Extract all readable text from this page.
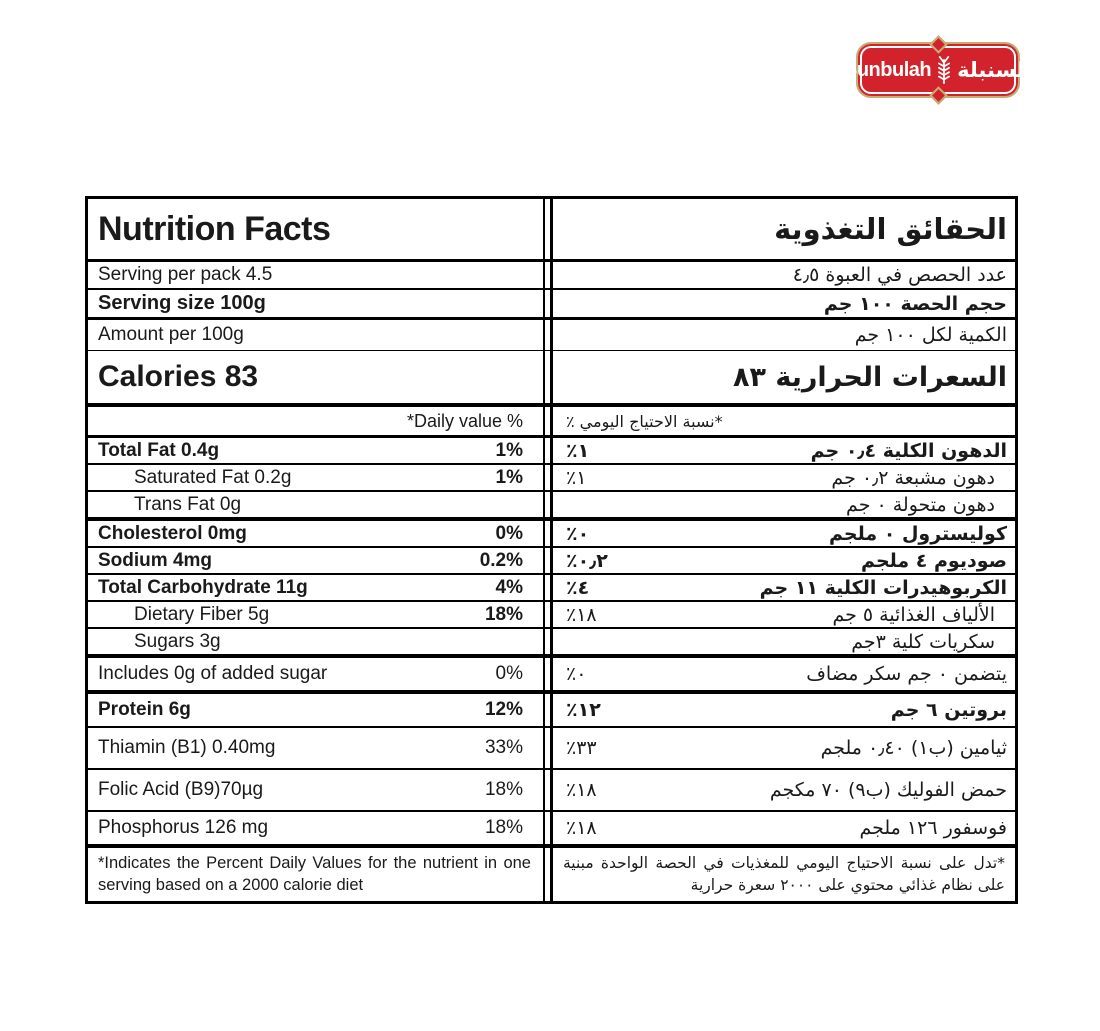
Sunbulah السنبلة
Nutrition Facts	الحقائق التغذوية
Serving per pack 4.5	عدد الحصص في العبوة ٤٫٥
Serving size 100g	حجم الحصة ١٠٠ جم
Amount per 100g	الكمية لكل ١٠٠ جم
Calories 83	السعرات الحرارية ٨٣
*Daily value %	*نسبة الاحتياج اليومي ٪
Total Fat 0.4g	1% ٪١	الدهون الكلية ٠٫٤ جم
Saturated Fat 0.2g	1% ٪١	دهون مشبعة ٠٫٢ جم
Trans Fat 0g	دهون متحولة ٠ جم
Cholesterol 0mg	0% ٪٠	كوليسترول ٠ ملجم
Sodium 4mg	0.2% ٪٠٫٢	صوديوم ٤ ملجم
Total Carbohydrate 11g	4% ٪٤	الكربوهيدرات الكلية ١١ جم
Dietary Fiber 5g	18% ٪١٨	الألياف الغذائية ٥ جم
Sugars 3g	سكريات كلية ٣جم
Includes 0g of added sugar	0% ٪٠	يتضمن ٠ جم سكر مضاف
Protein 6g	12% ٪١٢	بروتين ٦ جم
Thiamin (B1) 0.40mg	33% ٪٣٣	ثيامين (ب١) ٠٫٤٠ ملجم
Folic Acid (B9)70µg	18% ٪١٨	حمض الفوليك (ب٩) ٧٠ مكجم
Phosphorus 126 mg	18% ٪١٨	فوسفور ١٢٦ ملجم
*Indicates the Percent Daily Values for the nutrient in one serving based on a 2000 calorie diet
*تدل على نسبة الاحتياج اليومي للمغذيات في الحصة الواحدة مبنية على نظام غذائي محتوي على ٢٠٠٠ سعرة حرارية
